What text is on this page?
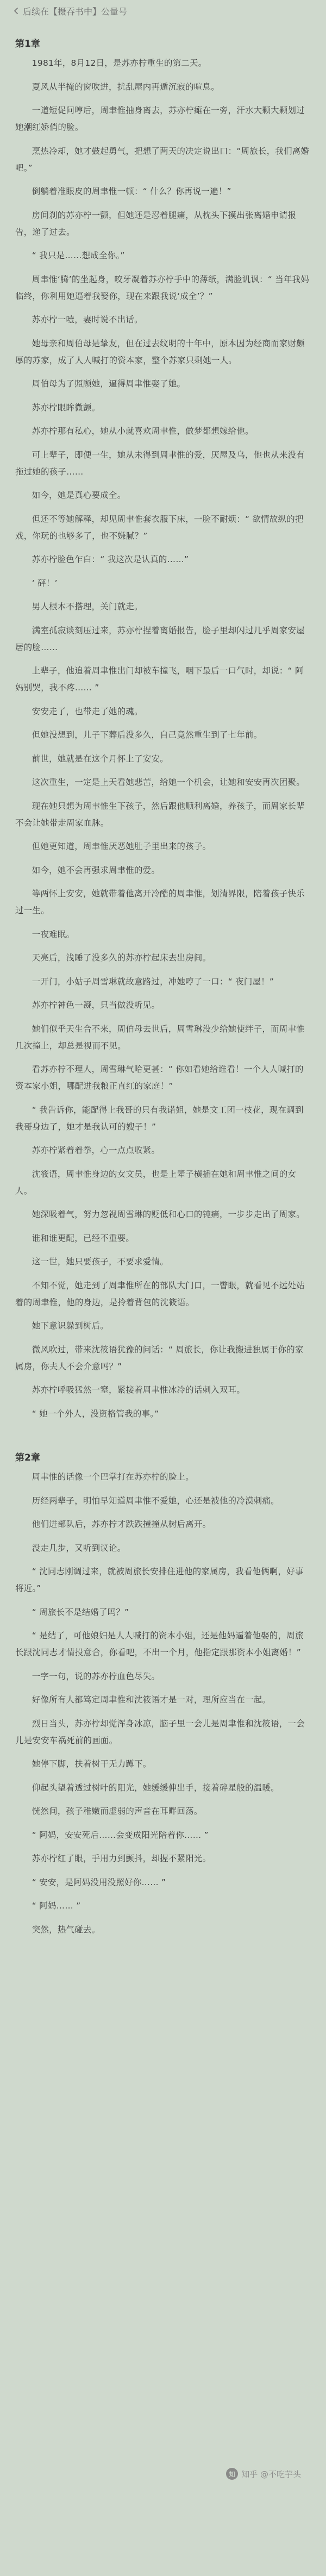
后续在【摄吞书中】公量号
第1章

1981年，8月12日，是苏亦柠重生的第二天。

夏风从半掩的窗吹进，扰乱屋内再遁沉寂的喧息。

一道短促问哼后，周聿惟抽身离去，苏亦柠瘫在一旁，汗水大颗大颗划过她潮红娇俏的脸。

烹热冷却，她才鼓起勇气，把想了两天的决定说出口：“周旅长，我们离婚吧。”

倒躺着准眼皮的周聿惟一顿：“ 什么？你再说一遍！”

房间刹的苏亦柠一颤，但她还是忍着腿痛，从枕头下摸出张离婚申请报告，递了过去。

“ 我只是……想成全你。”

周聿惟‘腾’的坐起身，咬牙凝着苏亦柠手中的薄纸，满脸讥讽：“ 当年我妈临终，你利用她逼着我娶你，现在来跟我说‘成全’？”

苏亦柠一噎，妻时说不出话。

她母亲和周伯母是挚友，但在过去纹明的十年中，原本因为经商而家财颇厚的苏家，成了人人喊打的资本家，整个苏家只剩她一人。

周伯母为了照顾她，逼得周聿惟娶了她。

苏亦柠眼眸微颤。

苏亦柠那有私心，她从小就喜欢周聿惟，做梦都想嫁给他。

可上辈子，即便一生，她从未得到周聿惟的爱，厌屋及乌，他也从来没有拖过她的孩子……

如今，她是真心要成全。

但还不等她解释，却见周聿惟套衣服下床，一脸不耐烦：“ 欲情故纵的把戏，你玩的也够多了，也不嫌腻？”

苏亦柠脸色乍白：“ 我这次是认真的……”

‘ 砰！’

男人根本不搭理，关门就走。

满室孤寂谈刻压过来，苏亦柠捏着离婚报告，脸子里却闪过几乎周家安屋居的脸……

上辈子，他追着周聿惟出门却被车撞飞，咽下最后一口气时，却说：“ 阿妈别哭，我不疼…… ”

安安走了，也带走了她的魂。

但她没想到，儿子下葬后没多久，自己竟然重生到了七年前。

前世，她就是在这个月怀上了安安。

这次重生，一定是上天看她悲苦，给她一个机会，让她和安安再次团聚。

现在她只想为周聿惟生下孩子，然后跟他顺利离婚，养孩子，而周家长辈不会让她带走周家血脉。

但她更知道，周聿惟厌恶她肚子里出来的孩子。

如今，她不会再强求周聿惟的爱。

等两怀上安安，她就带着他离开冷酷的周聿惟，划清界限，陪着孩子快乐过一生。

一夜难眠。

天亮后，浅睡了没多久的苏亦柠起床去出房间。

一开门，小姑子周雪琳就故意路过，冲她哼了一口：“ 夜门屋！”

苏亦柠神色一凝，只当做没听见。

她们似乎天生合不来，周伯母去世后，周雪琳没少给她使绊子，而周聿惟几次撞上，却总是视而不见。

看苏亦柠不理人，周雪琳气哈更甚：“ 你如看她给谁看！一个人人喊打的资本家小姐，哪配进我粮正直红的家庭！”

“ 我告诉你，能配得上我哥的只有我诺姐，她是文工团一枝花，现在调到我哥身边了，她才是我认可的嫂子！”

苏亦柠紧着着拳，心一点点收紧。

沈筱语，周聿惟身边的女文员，也是上辈子横插在她和周聿惟之间的女人。

她深吸着气，努力忽视周雪琳的贬低和心口的钝痛，一步步走出了周家。

谁和谁更配，已经不重要。

这一世，她只要孩子，不要求爱情。

不知不觉，她走到了周聿惟所在的部队大门口，一瞥眼，就看见不远处站着的周聿惟，他的身边，是拎着背包的沈筱语。

她下意识躲到树后。

微风吹过，带来沈筱语犹豫的问话：“ 周旅长，你让我搬进独属于你的家属房，你夫人不会介意吗？”

苏亦柠呼吸猛然一窒，紧接着周聿惟冰冷的话刺入双耳。

“ 她一个外人，没资格管我的事。”

第2章

周聿惟的话像一个巴掌打在苏亦柠的脸上。

历经两辈子，明怕早知道周聿惟不爱她，心还是被他的冷漠刺痛。

他们进部队后，苏亦柠才跌跌撞撞从树后离开。

没走几步，又听到议论。

“ 沈同志刚调过来，就被周旅长安排住进他的家属房，我看他俩啊，好事将近。”

“ 周旅长不是结婚了吗？”

“ 是结了，可他娘妇是人人喊打的资本小姐，还是他妈逼着他娶的，周旅长跟沈同志才情投意合，你看吧，不出一个月，他指定跟那资本小姐离婚！”

一字一句，说的苏亦柠血色尽失。

好像所有人都笃定周聿惟和沈筱语才是一对，理所应当在一起。

烈日当头，苏亦柠却觉浑身冰凉，脑子里一会儿是周聿惟和沈筱语，一会儿是安安车祸死前的画面。

她停下脚，扶着树干无力蹲下。

仰起头望着透过树叶的阳光，她缓缓伸出手，接着碎星般的温暖。

恍然间，孩子稚嫩而虚弱的声音在耳畔回荡。

“ 阿妈，安安死后……会变成阳光陪着你…… ”

苏亦柠红了眼，手用力到颤抖，却握不紧阳光。

“ 安安，是阿妈没用没照好你…… ”

“ 阿妈…… ”

突然，热气碰去。

知 知乎 @不吃芋头
